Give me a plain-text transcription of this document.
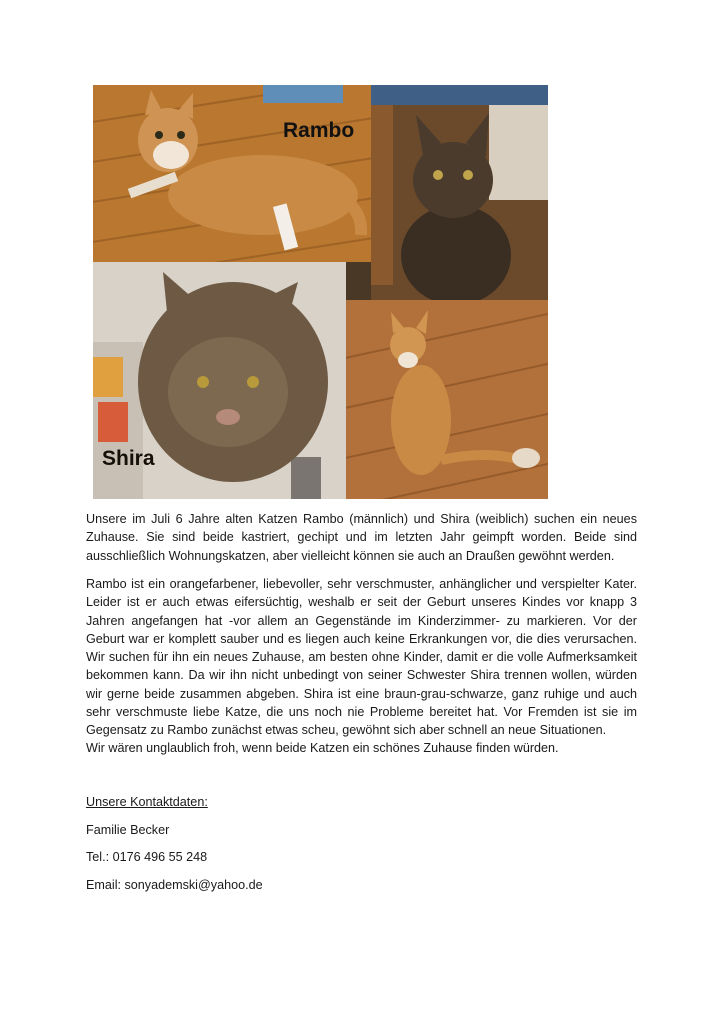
Rambo
Shira

Unsere im Juli 6 Jahre alten Katzen Rambo (männlich) und Shira (weiblich) suchen ein neues Zuhause. Sie sind beide kastriert, gechipt und im letzten Jahr geimpft worden. Beide sind ausschließlich Wohnungskatzen, aber vielleicht können sie auch an Draußen gewöhnt werden.

Rambo ist ein orangefarbener, liebevoller, sehr verschmuster, anhänglicher und verspielter Kater. Leider ist er auch etwas eifersüchtig, weshalb er seit der Geburt unseres Kindes vor knapp 3 Jahren angefangen hat -vor allem an Gegenstände im Kinderzimmer- zu markieren. Vor der Geburt war er komplett sauber und es liegen auch keine Erkrankungen vor, die dies verursachen. Wir suchen für ihn ein neues Zuhause, am besten ohne Kinder, damit er die volle Aufmerksamkeit bekommen kann. Da wir ihn nicht unbedingt von seiner Schwester Shira trennen wollen, würden wir gerne beide zusammen abgeben. Shira ist eine braun-grau-schwarze, ganz ruhige und auch sehr verschmuste liebe Katze, die uns noch nie Probleme bereitet hat. Vor Fremden ist sie im Gegensatz zu Rambo zunächst etwas scheu, gewöhnt sich aber schnell an neue Situationen.

Wir wären unglaublich froh, wenn beide Katzen ein schönes Zuhause finden würden.

Unsere Kontaktdaten:

Familie Becker

Tel.: 0176 496 55 248

Email: sonyademski@yahoo.de
